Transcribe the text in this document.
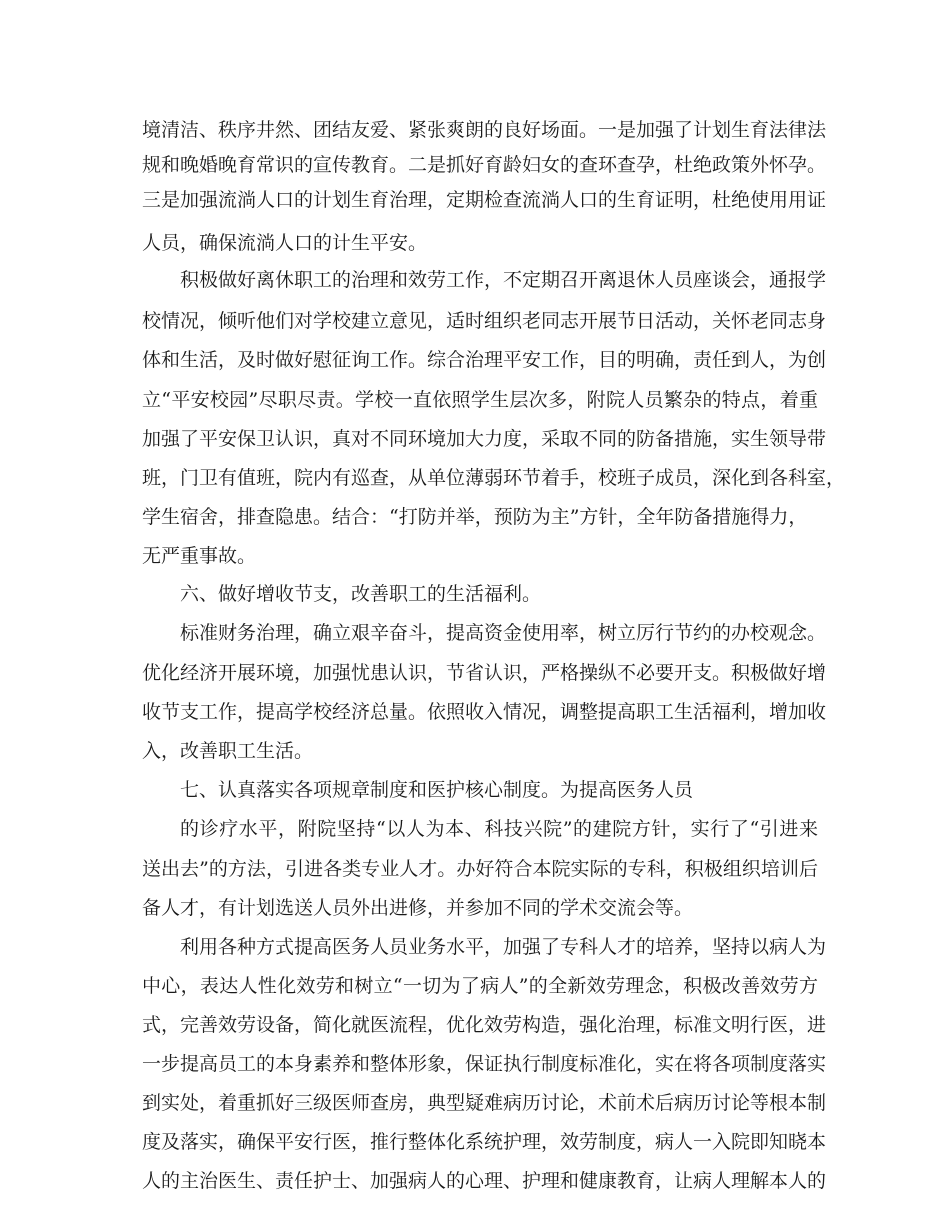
境清洁、秩序井然、团结友爱、紧张爽朗的良好场面。一是加强了计划生育法律法
规和晚婚晚育常识的宣传教育。二是抓好育龄妇女的查环查孕，杜绝政策外怀孕。
三是加强流淌人口的计划生育治理，定期检查流淌人口的生育证明，杜绝使用用证
人员，确保流淌人口的计生平安。
积极做好离休职工的治理和效劳工作，不定期召开离退休人员座谈会，通报学
校情况，倾听他们对学校建立意见，适时组织老同志开展节日活动，关怀老同志身
体和生活，及时做好慰征询工作。综合治理平安工作，目的明确，责任到人，为创
立“平安校园”尽职尽责。学校一直依照学生层次多，附院人员繁杂的特点，着重
加强了平安保卫认识，真对不同环境加大力度，采取不同的防备措施，实生领导带
班，门卫有值班，院内有巡查，从单位薄弱环节着手，校班子成员，深化到各科室，
学生宿舍，排查隐患。结合：“打防并举，预防为主”方针，全年防备措施得力，
无严重事故。
六、做好增收节支，改善职工的生活福利。
标准财务治理，确立艰辛奋斗，提高资金使用率，树立厉行节约的办校观念。
优化经济开展环境，加强忧患认识，节省认识，严格操纵不必要开支。积极做好增
收节支工作，提高学校经济总量。依照收入情况，调整提高职工生活福利，增加收
入，改善职工生活。
七、认真落实各项规章制度和医护核心制度。为提高医务人员
的诊疗水平，附院坚持“以人为本、科技兴院”的建院方针，实行了“引进来
送出去”的方法，引进各类专业人才。办好符合本院实际的专科，积极组织培训后
备人才，有计划选送人员外出进修，并参加不同的学术交流会等。
利用各种方式提高医务人员业务水平，加强了专科人才的培养，坚持以病人为
中心，表达人性化效劳和树立“一切为了病人”的全新效劳理念，积极改善效劳方
式，完善效劳设备，简化就医流程，优化效劳构造，强化治理，标准文明行医，进
一步提高员工的本身素养和整体形象，保证执行制度标准化，实在将各项制度落实
到实处，着重抓好三级医师查房，典型疑难病历讨论，术前术后病历讨论等根本制
度及落实，确保平安行医，推行整体化系统护理，效劳制度，病人一入院即知晓本
人的主治医生、责任护士、加强病人的心理、护理和健康教育，让病人理解本人的
